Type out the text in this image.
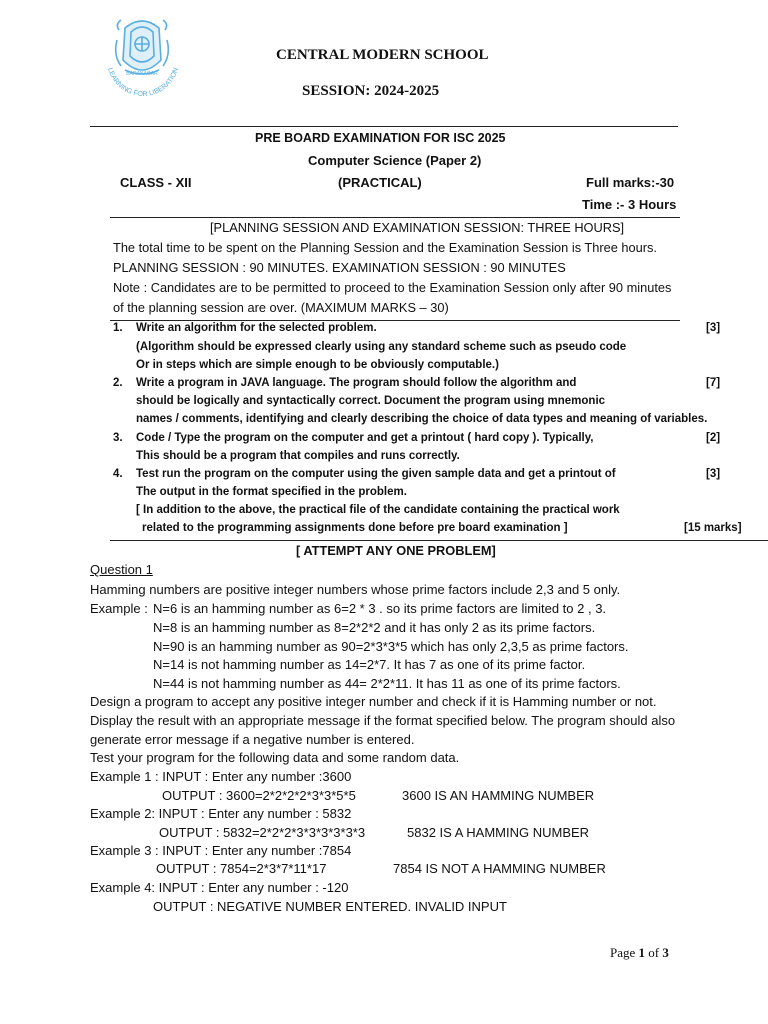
BARANAGAR
LEARNING FOR LIBERATION
CENTRAL MODERN SCHOOL
SESSION: 2024-2025
PRE BOARD EXAMINATION FOR ISC 2025
Computer Science (Paper 2)
CLASS - XII	(PRACTICAL)	Full marks:-30
Time :- 3 Hours
[PLANNING SESSION AND EXAMINATION SESSION: THREE HOURS]
The total time to be spent on the Planning Session and the Examination Session is Three hours.
PLANNING SESSION : 90 MINUTES. EXAMINATION SESSION : 90 MINUTES
Note : Candidates are to be permitted to proceed to the Examination Session only after 90 minutes
of the planning session are over. (MAXIMUM MARKS – 30)
1. Write an algorithm for the selected problem.
(Algorithm should be expressed clearly using any standard scheme such as pseudo code
Or in steps which are simple enough to be obviously computable.)
[3]
2. Write a program in JAVA language. The program should follow the algorithm and
should be logically and syntactically correct. Document the program using mnemonic
names / comments, identifying and clearly describing the choice of data types and meaning of variables.
[7]
3. Code / Type the program on the computer and get a printout ( hard copy ). Typically,
This should be a program that compiles and runs correctly.
[2]
4. Test run the program on the computer using the given sample data and get a printout of
The output in the format specified in the problem.
[3]
[ In addition to the above, the practical file of the candidate containing the practical work
related to the programming assignments done before pre board examination ]	[15 marks]
[ ATTEMPT ANY ONE PROBLEM]
Question 1
Hamming numbers are positive integer numbers whose prime factors include 2,3 and 5 only.
Example : N=6 is an hamming number as 6=2 * 3 . so its prime factors are limited to 2 , 3.
N=8 is an hamming number as 8=2*2*2 and it has only 2 as its prime factors.
N=90 is an hamming number as 90=2*3*3*5 which has only 2,3,5 as prime factors.
N=14 is not hamming number as 14=2*7. It has 7 as one of its prime factor.
N=44 is not hamming number as 44= 2*2*11. It has 11 as one of its prime factors.
Design a program to accept any positive integer number and check if it is Hamming number or not.
Display the result with an appropriate message if the format specified below. The program should also
generate error message if a negative number is entered.
Test your program for the following data and some random data.
Example 1 : INPUT : Enter any number :3600
OUTPUT : 3600=2*2*2*2*3*3*5*5	3600 IS AN HAMMING NUMBER
Example 2: INPUT : Enter any number : 5832
OUTPUT : 5832=2*2*2*3*3*3*3*3*3	5832 IS A HAMMING NUMBER
Example 3 : INPUT : Enter any number :7854
OUTPUT : 7854=2*3*7*11*17	7854 IS NOT A HAMMING NUMBER
Example 4: INPUT : Enter any number : -120
OUTPUT : NEGATIVE NUMBER ENTERED. INVALID INPUT
Page 1 of 3
